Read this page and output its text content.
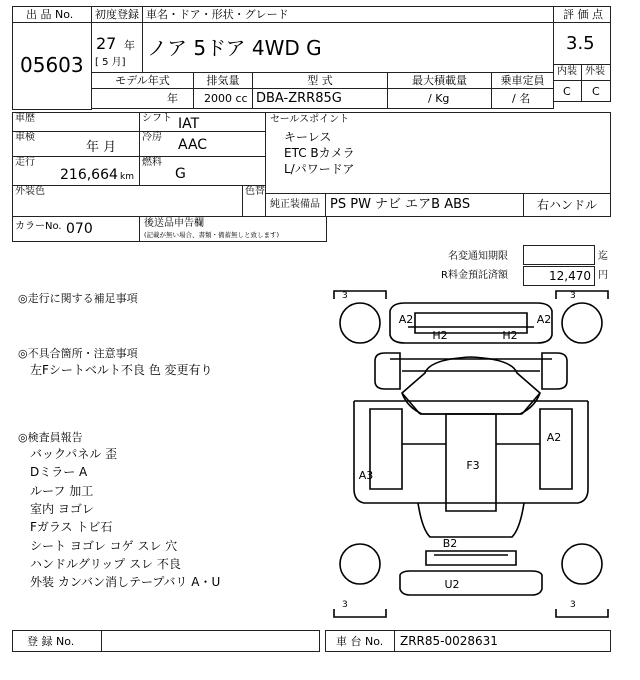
出 品 No.
05603
初度登録
27 年
[ 5 月]
車名・ドア・形状・グレード
ノア 5ドア 4WD G
評 価 点
3.5
内装 外装
C C
モデル年式
年
排気量
2000 cc
型 式
DBA-ZRR85G
最大積載量
/ Kg
乗車定員
/ 名
車歴
車検
年 月
走行
216,664 km
シフト IAT
冷房 AAC
燃料
G
セールスポイント
キーレス
ETC Bカメラ
L/パワードア
外装色	色替
純正装備品 PS PW ナビ エアB ABS	右ハンドル
カラーNo. 070	後送品申告欄
(記載が無い場合、書類・備蓄無しと致します)
名変通知期限	迄
R料金預託済額	12,470 円
◎走行に関する補足事項
◎不具合箇所・注意事項
左Fシートベルト不良 色 変更有り
◎検査員報告
バックパネル 歪
Dミラー A
ルーフ 加工
室内 ヨゴレ
Fガラス トビ石
シート ヨゴレ コゲ スレ 穴
ハンドルグリップ スレ 不良
外装 カンバン消しテープバリ A・U
3	3
3	3
A2	A2
H2	H2
A2
A3
F3
B2
U2
登 録 No.	車 台 No. ZRR85-0028631
